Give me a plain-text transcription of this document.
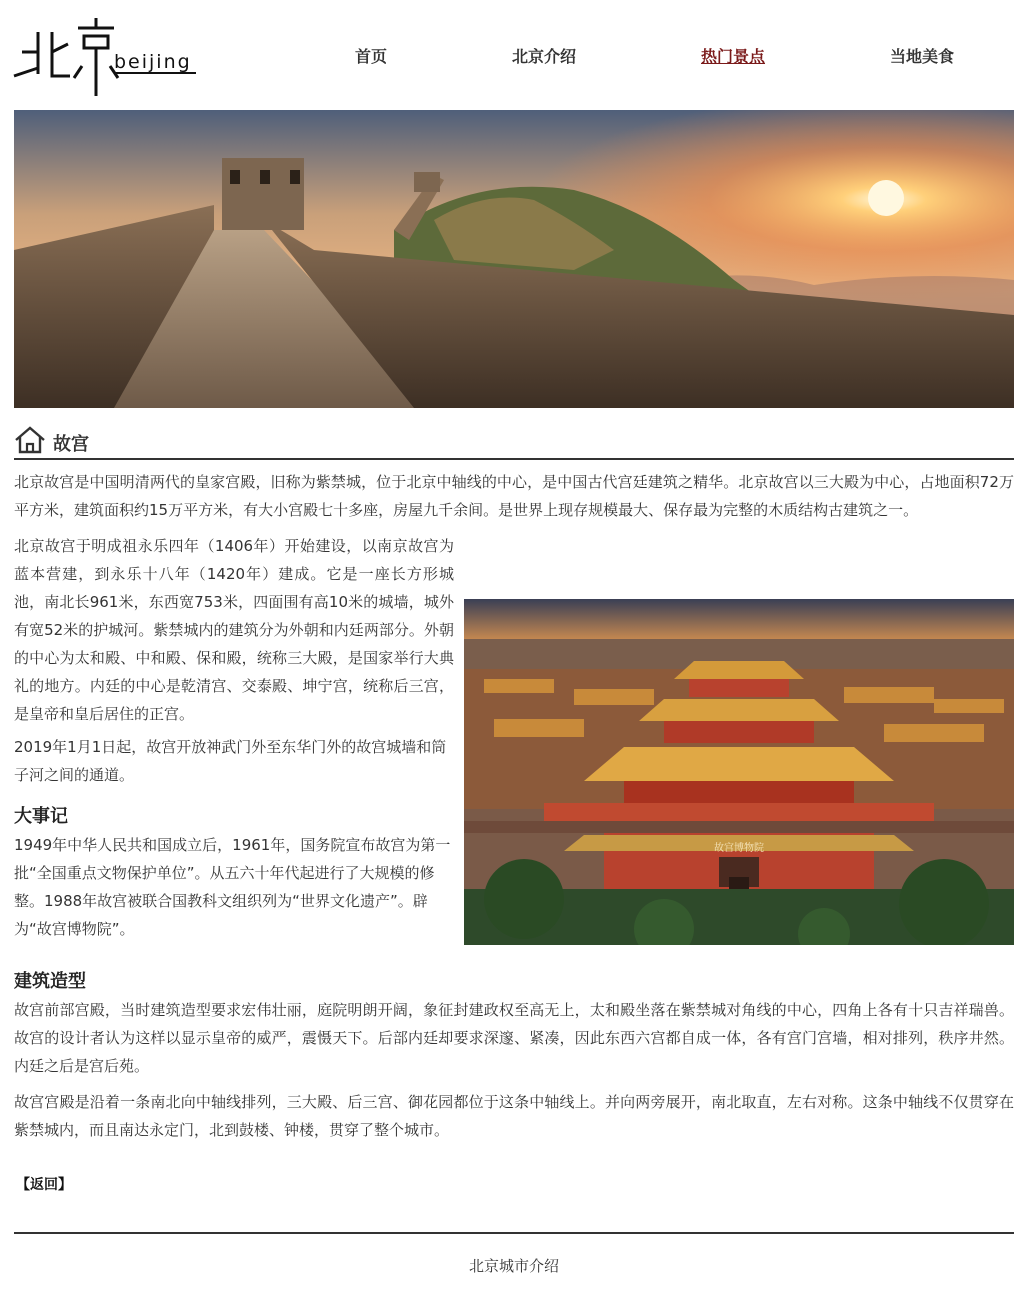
beijing	首页	北京介绍	热门景点	当地美食
故宫

北京故宫是中国明清两代的皇家宫殿，旧称为紫禁城，位于北京中轴线的中心，是中国古代宫廷建筑之精华。北京故宫以三大殿为中心，占地面积72万平方米，建筑面积约15万平方米，有大小宫殿七十多座，房屋九千余间。是世界上现存规模最大、保存最为完整的木质结构古建筑之一。

北京故宫于明成祖永乐四年（1406年）开始建设，以南京故宫为蓝本营建，到永乐十八年（1420年）建成。它是一座长方形城池，南北长961米，东西宽753米，四面围有高10米的城墙，城外有宽52米的护城河。紫禁城内的建筑分为外朝和内廷两部分。外朝的中心为太和殿、中和殿、保和殿，统称三大殿，是国家举行大典礼的地方。内廷的中心是乾清宫、交泰殿、坤宁宫，统称后三宫，是皇帝和皇后居住的正宫。

故宫博物院

2019年1月1日起，故宫开放神武门外至东华门外的故宫城墙和筒子河之间的通道。

大事记

1949年中华人民共和国成立后，1961年，国务院宣布故宫为第一批“全国重点文物保护单位”。从五六十年代起进行了大规模的修整。1988年故宫被联合国教科文组织列为“世界文化遗产”。辟为“故宫博物院”。

建筑造型

故宫前部宫殿，当时建筑造型要求宏伟壮丽，庭院明朗开阔，象征封建政权至高无上，太和殿坐落在紫禁城对角线的中心，四角上各有十只吉祥瑞兽。故宫的设计者认为这样以显示皇帝的威严，震慑天下。后部内廷却要求深邃、紧凑，因此东西六宫都自成一体，各有宫门宫墙，相对排列，秩序井然。内廷之后是宫后苑。

故宫宫殿是沿着一条南北向中轴线排列，三大殿、后三宫、御花园都位于这条中轴线上。并向两旁展开，南北取直，左右对称。这条中轴线不仅贯穿在紫禁城内，而且南达永定门，北到鼓楼、钟楼，贯穿了整个城市。

【返回】
北京城市介绍
